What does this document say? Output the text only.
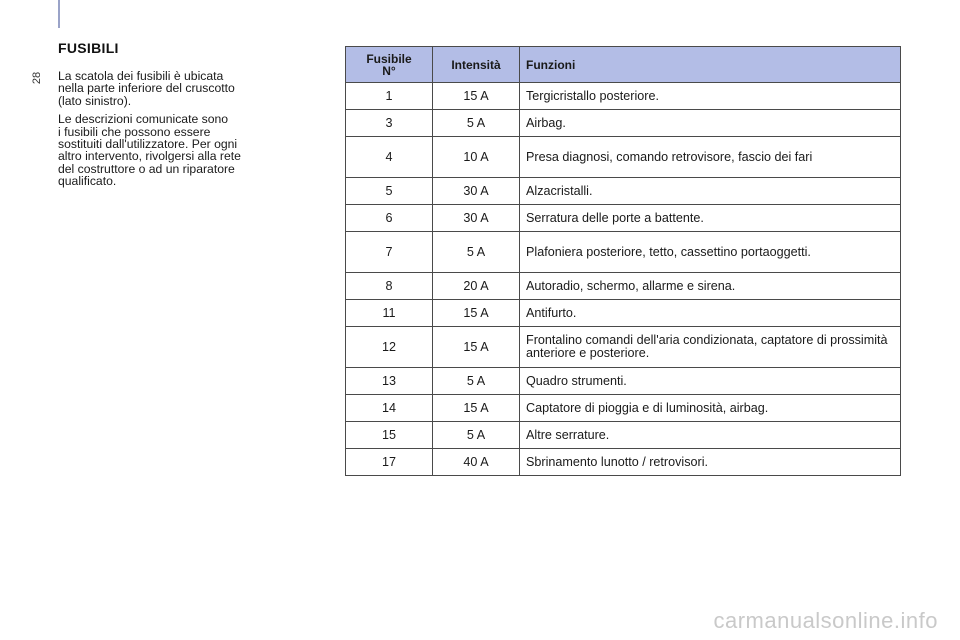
28
FUSIBILI

La scatola dei fusibili è ubicata
nella parte inferiore del cruscotto
(lato sinistro).

Le descrizioni comunicate sono
i fusibili che possono essere
sostituiti dall'utilizzatore. Per ogni
altro intervento, rivolgersi alla rete
del costruttore o ad un riparatore
qualificato.

Fusibile
N°	Intensità	Funzioni
1	15 A	Tergicristallo posteriore.
3	5 A	Airbag.
4	10 A	Presa diagnosi, comando retrovisore, fascio dei fari
5	30 A	Alzacristalli.
6	30 A	Serratura delle porte a battente.
7	5 A	Plafoniera posteriore, tetto, cassettino portaoggetti.
8	20 A	Autoradio, schermo, allarme e sirena.
11	15 A	Antifurto.
12	15 A	Frontalino comandi dell'aria condizionata, captatore di prossimità anteriore e posteriore.
13	5 A	Quadro strumenti.
14	15 A	Captatore di pioggia e di luminosità, airbag.
15	5 A	Altre serrature.
17	40 A	Sbrinamento lunotto / retrovisori.
carmanualsonline.info
